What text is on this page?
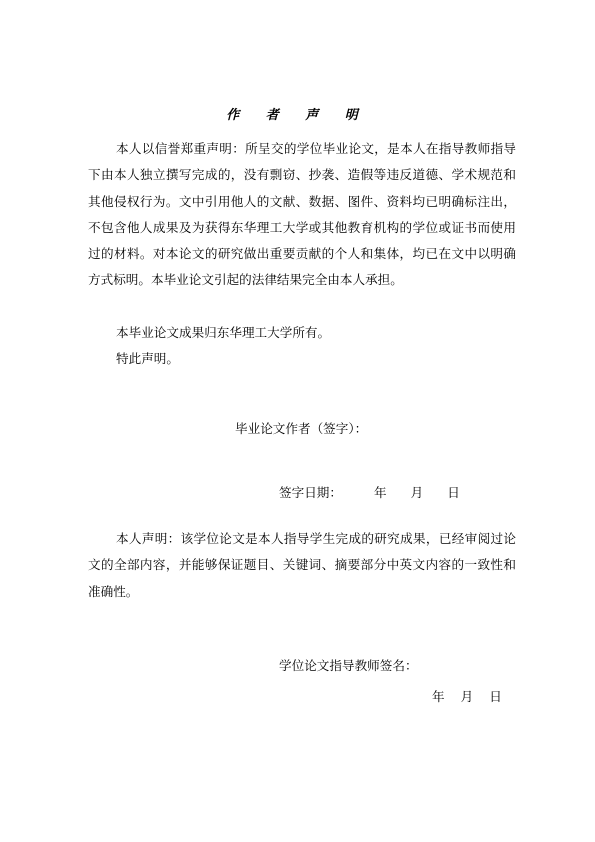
作 者 声 明

本人以信誉郑重声明：所呈交的学位毕业论文，是本人在指导教师指导下由本人独立撰写完成的，没有剽窃、抄袭、造假等违反道德、学术规范和其他侵权行为。文中引用他人的文献、数据、图件、资料均已明确标注出，不包含他人成果及为获得东华理工大学或其他教育机构的学位或证书而使用过的材料。对本论文的研究做出重要贡献的个人和集体，均已在文中以明确方式标明。本毕业论文引起的法律结果完全由本人承担。

本毕业论文成果归东华理工大学所有。

特此声明。

毕业论文作者（签字）：
签字日期：        年      月      日

本人声明：该学位论文是本人指导学生完成的研究成果，已经审阅过论文的全部内容，并能够保证题目、关键词、摘要部分中英文内容的一致性和准确性。

学位论文指导教师签名：
年    月    日
